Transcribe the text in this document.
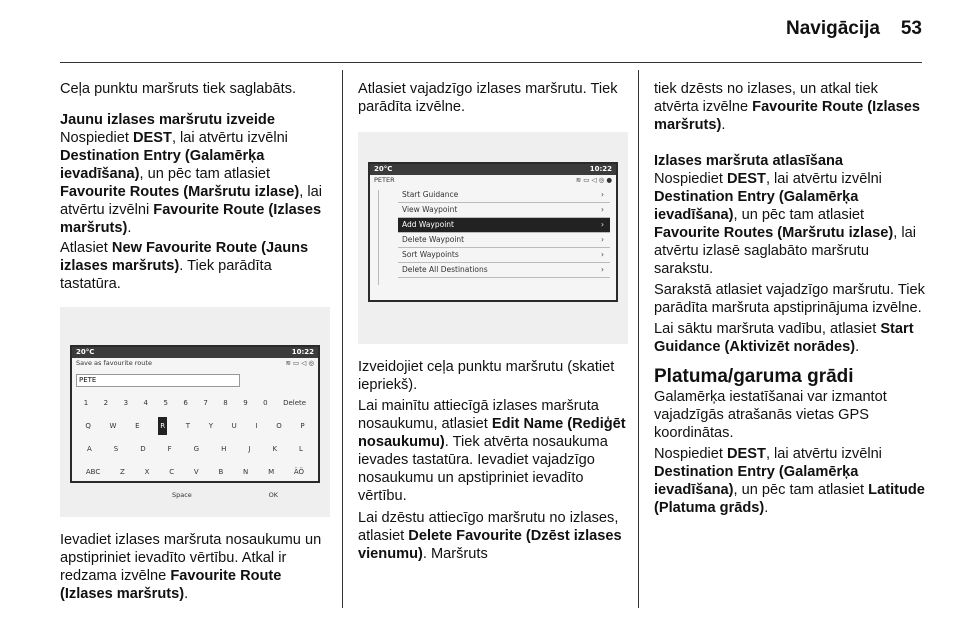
Navigācija	53

Ceļa punktu maršruts tiek saglabāts.

Jaunu izlases maršrutu izveide

Nospiediet DEST, lai atvērtu izvēlni Destination Entry (Galamērķa ievadīšana), un pēc tam atlasiet Favourite Routes (Maršrutu izlase), lai atvērtu izvēlni Favourite Route (Izlases maršruts).

Atlasiet New Favourite Route (Jauns izlases maršruts). Tiek parādīta tastatūra.

20°C	10:22
Save as favourite route	≋ ▭ ◁ ◎
PETE
1 2 3 4 5 6 7 8 9 0 Delete
Q	W	E	R	T	Y	U	I	O	P
A	S	D	F	G	H	J	K	L
ABC	Z	X	C	V	B	N	M	ÄÖ
Space	OK

Ievadiet izlases maršruta nosaukumu un apstipriniet ievadīto vērtību. Atkal ir redzama izvēlne Favourite Route (Izlases maršruts).

Atlasiet vajadzīgo izlases maršrutu. Tiek parādīta izvēlne.

20°C	10:22
PETER	≋ ▭ ◁ ◎ ●
Start Guidance	›
View Waypoint	›
Add Waypoint	›
Delete Waypoint	›
Sort Waypoints	›
Delete All Destinations	›

Izveidojiet ceļa punktu maršrutu (skatiet iepriekš).

Lai mainītu attiecīgā izlases maršruta nosaukumu, atlasiet Edit Name (Rediģēt nosaukumu). Tiek atvērta nosaukuma ievades tastatūra. Ievadiet vajadzīgo nosaukumu un apstipriniet ievadīto vērtību.

Lai dzēstu attiecīgo maršrutu no izlases, atlasiet Delete Favourite (Dzēst izlases vienumu). Maršruts

tiek dzēsts no izlases, un atkal tiek atvērta izvēlne Favourite Route (Izlases maršruts).

Izlases maršruta atlasīšana

Nospiediet DEST, lai atvērtu izvēlni Destination Entry (Galamērķa ievadīšana), un pēc tam atlasiet Favourite Routes (Maršrutu izlase), lai atvērtu izlasē saglabāto maršrutu sarakstu.

Sarakstā atlasiet vajadzīgo maršrutu. Tiek parādīta maršruta apstiprinājuma izvēlne.

Lai sāktu maršruta vadību, atlasiet Start Guidance (Aktivizēt norādes).

Platuma/garuma grādi

Galamērķa iestatīšanai var izmantot vajadzīgās atrašanās vietas GPS koordinātas.

Nospiediet DEST, lai atvērtu izvēlni Destination Entry (Galamērķa ievadīšana), un pēc tam atlasiet Latitude (Platuma grāds).
